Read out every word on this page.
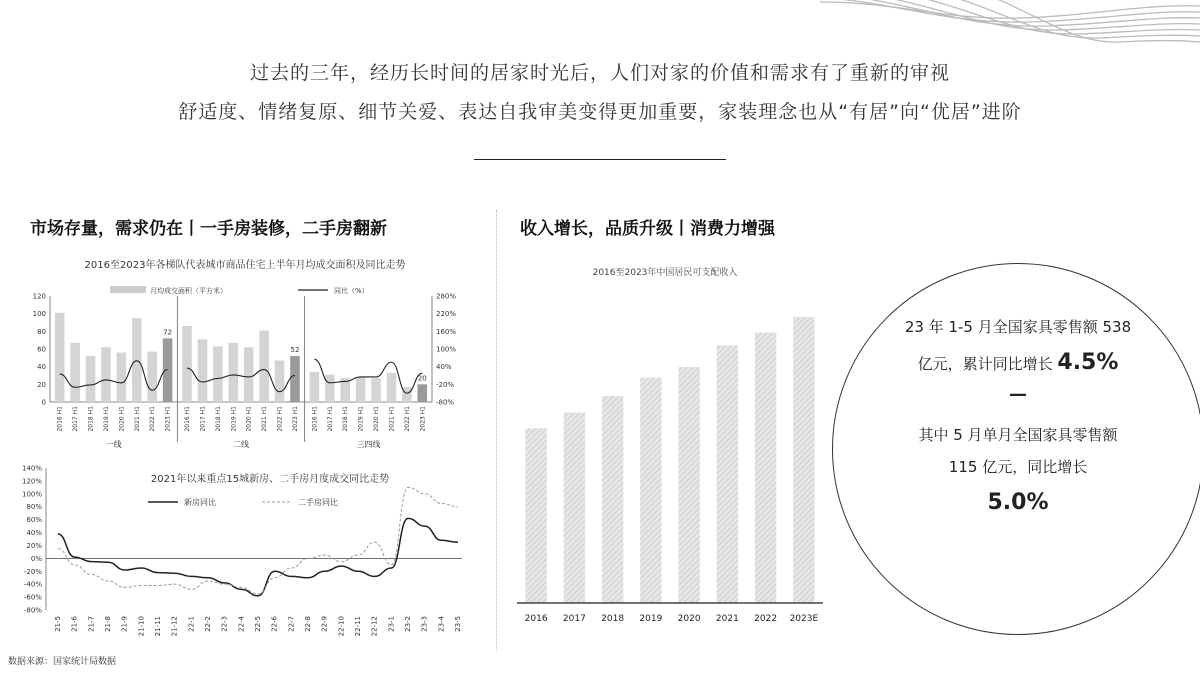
过去的三年，经历长时间的居家时光后，人们对家的价值和需求有了重新的审视
舒适度、情绪复原、细节关爱、表达自我审美变得更加重要，家装理念也从“有居”向“优居”进阶
市场存量，需求仍在丨一手房装修，二手房翻新	收入增长，品质升级丨消费力增强
2016至2023年各梯队代表城市商品住宅上半年月均成交面积及同比走势
月均成交面积（平方米）	同比（%）
120
100
80
60
40
20
0
280%
220%
160%
100%
40%
-20%
-80%
2016 H1 2017 H1 2018 H1 2019 H1 2020 H1 2021 H1 2022 H1 2023 H1
72
一线
2016 H1 2017 H1 2018 H1 2019 H1 2020 H1 2021 H1 2022 H1 2023 H1
52
二线
2016 H1 2017 H1 2018 H1 2019 H1 2020 H1 2021 H1 2022 H1 2023 H1
20
三四线
2021年以来重点15城新房、二手房月度成交同比走势
新房同比	二手房同比
140%
120%
100%
80%
60%
40%
20%
0%
-20%
-40%
-60%
-80%
21-5 21-6 21-7 21-8 21-9 21-10 21-11 21-12 22-1 22-2 22-3 22-4 22-5 22-6 22-7 22-8 22-9 22-10 22-11 22-12 23-1 23-2 23-3 23-4 23-5
2016至2023年中国居民可支配收入
2016 2017 2018 2019 2020 2021 2022 2023E
23 年 1-5 月全国家具零售额 538
亿元，累计同比增长 4.5%
—
其中 5 月单月全国家具零售额
115 亿元，同比增长
5.0%
数据来源：国家统计局数据
